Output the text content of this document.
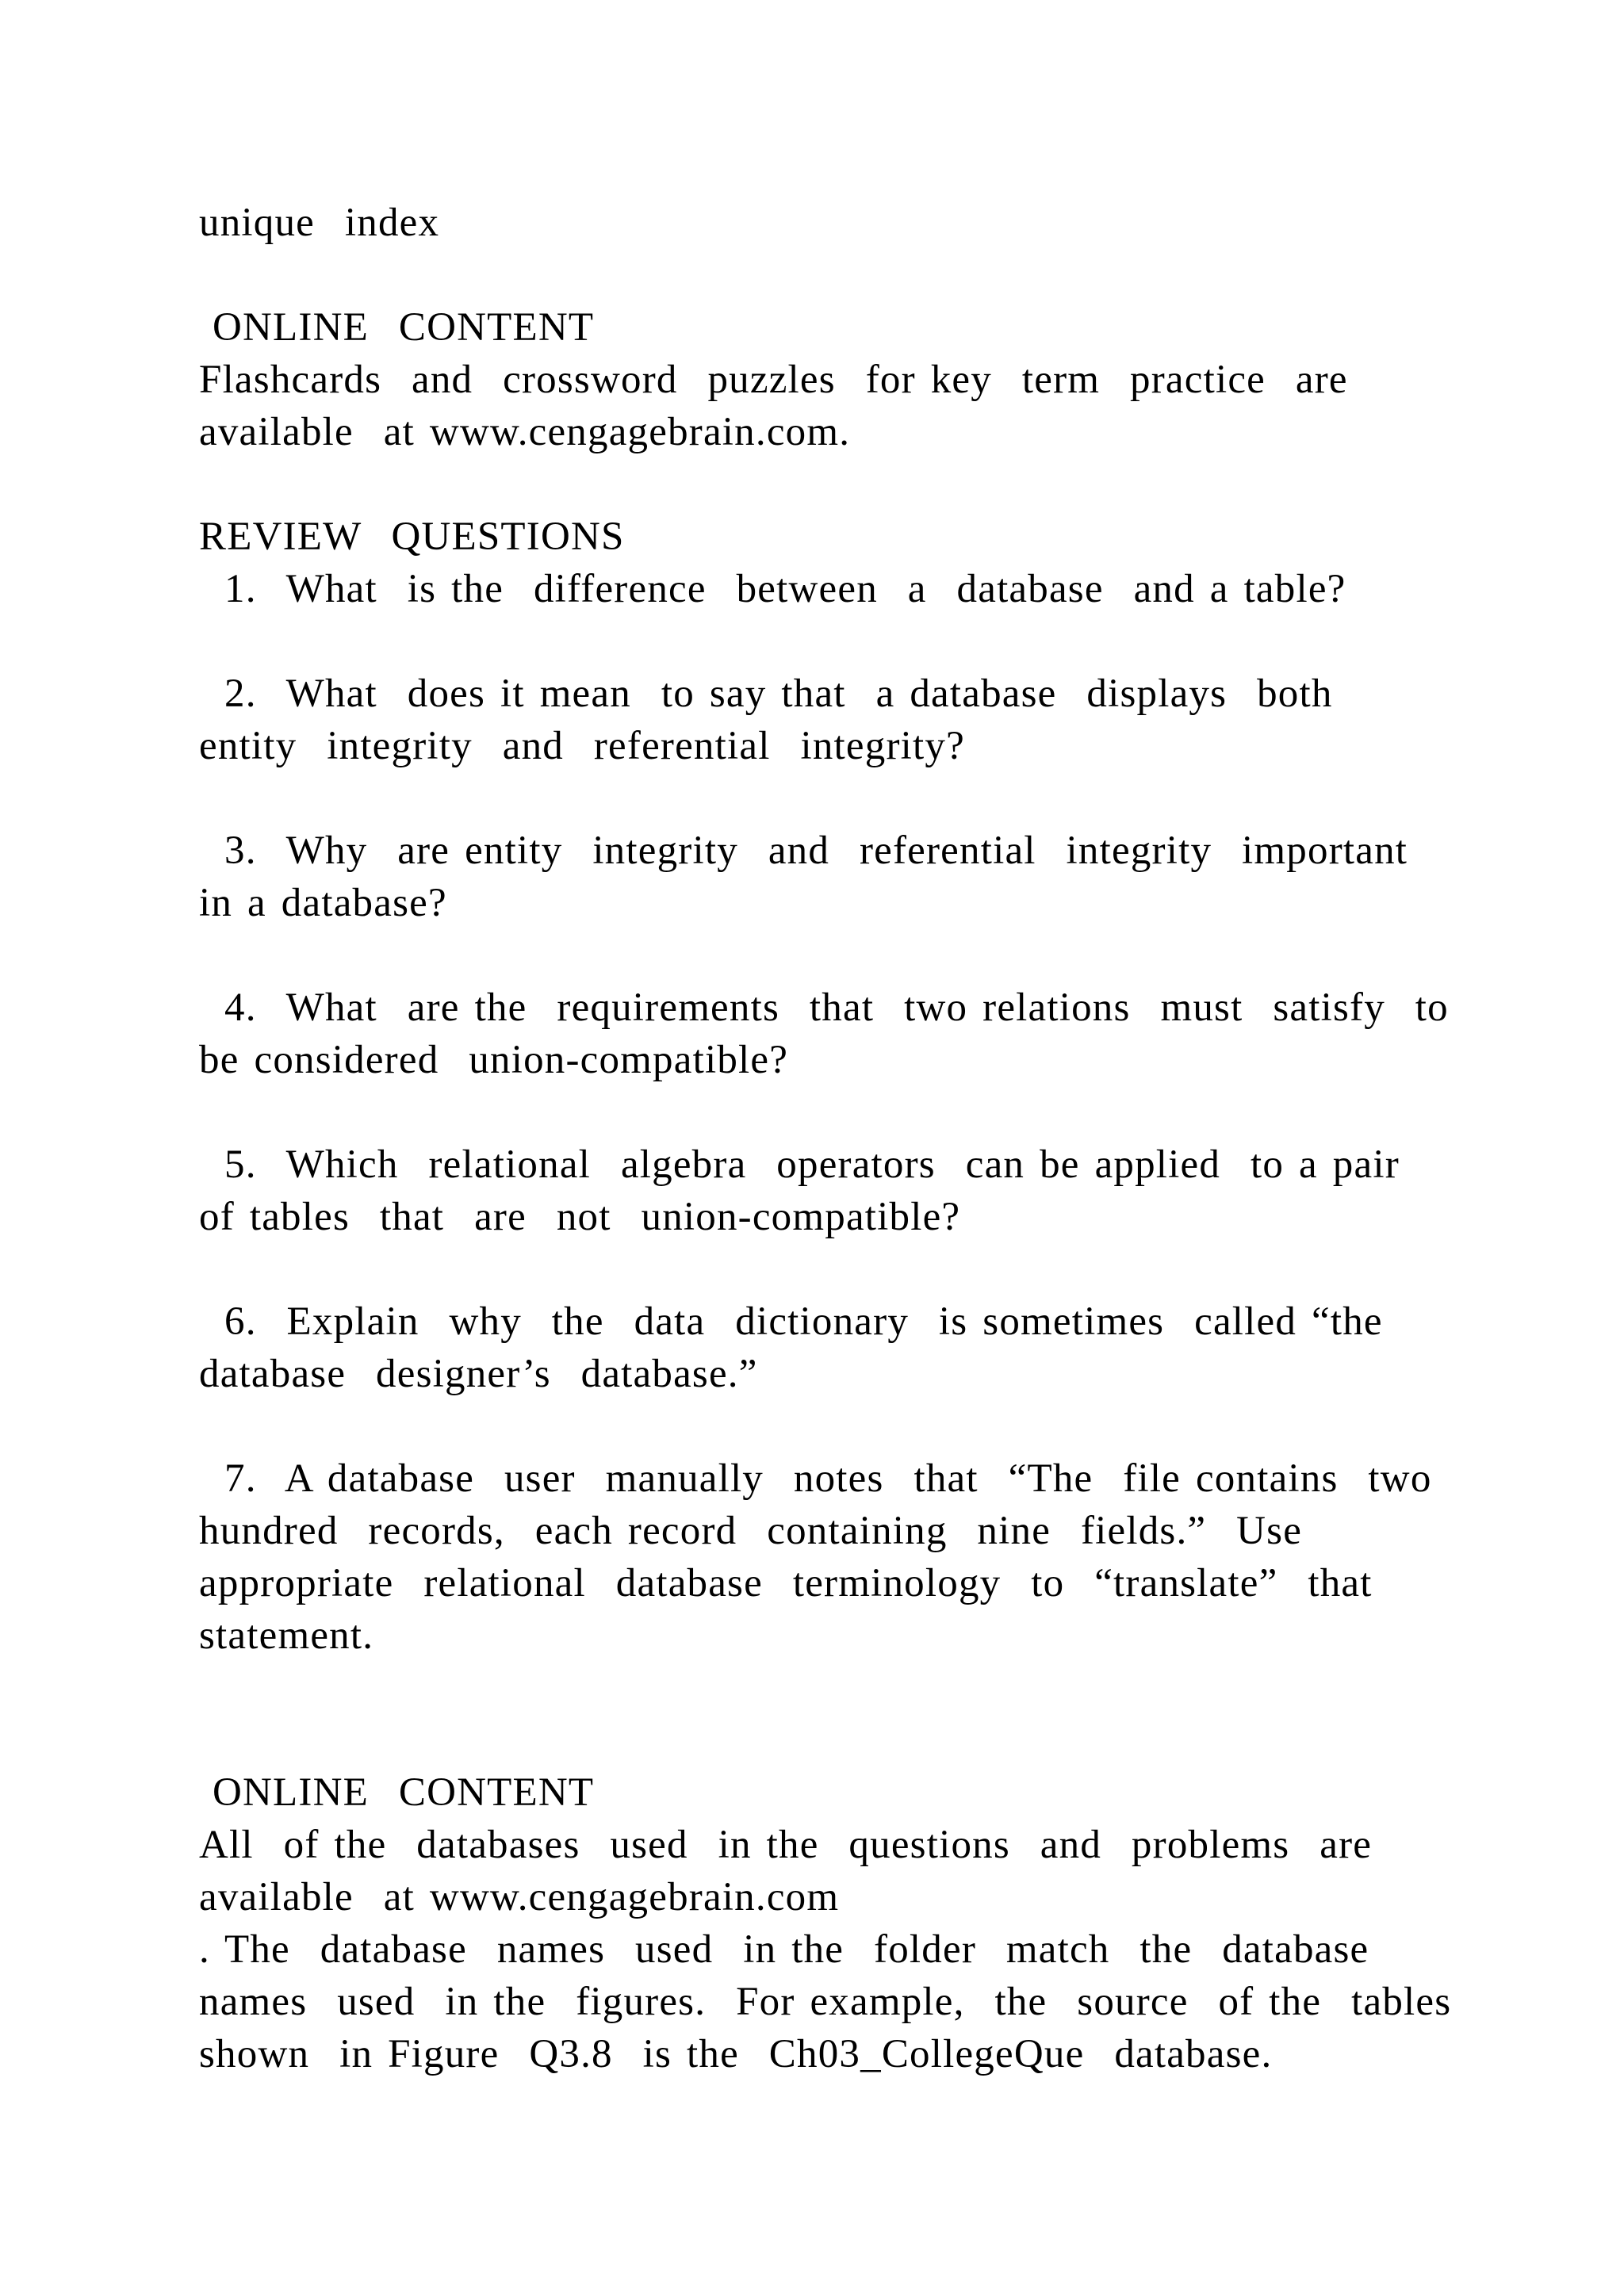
unique  index
ONLINE  CONTENT
Flashcards  and  crossword  puzzles  for key  term  practice  are
available  at www.cengagebrain.com.
REVIEW  QUESTIONS
1.  What  is the  difference  between  a  database  and a table?
2.  What  does it mean  to say that  a database  displays  both
entity  integrity  and  referential  integrity?
3.  Why  are entity  integrity  and  referential  integrity  important
in a database?
4.  What  are the  requirements  that  two relations  must  satisfy  to
be considered  union-compatible?
5.  Which  relational  algebra  operators  can be applied  to a pair
of tables  that  are  not  union-compatible?
6.  Explain  why  the  data  dictionary  is sometimes  called “the
database  designer’s  database.”
7.  A database  user  manually  notes  that  “The  file contains  two
hundred  records,  each record  containing  nine  fields.”  Use
appropriate  relational  database  terminology  to  “translate”  that
statement.
ONLINE  CONTENT
All  of the  databases  used  in the  questions  and  problems  are
available  at www.cengagebrain.com
. The  database  names  used  in the  folder  match  the  database
names  used  in the  figures.  For example,  the  source  of the  tables
shown  in Figure  Q3.8  is the  Ch03_CollegeQue  database.
